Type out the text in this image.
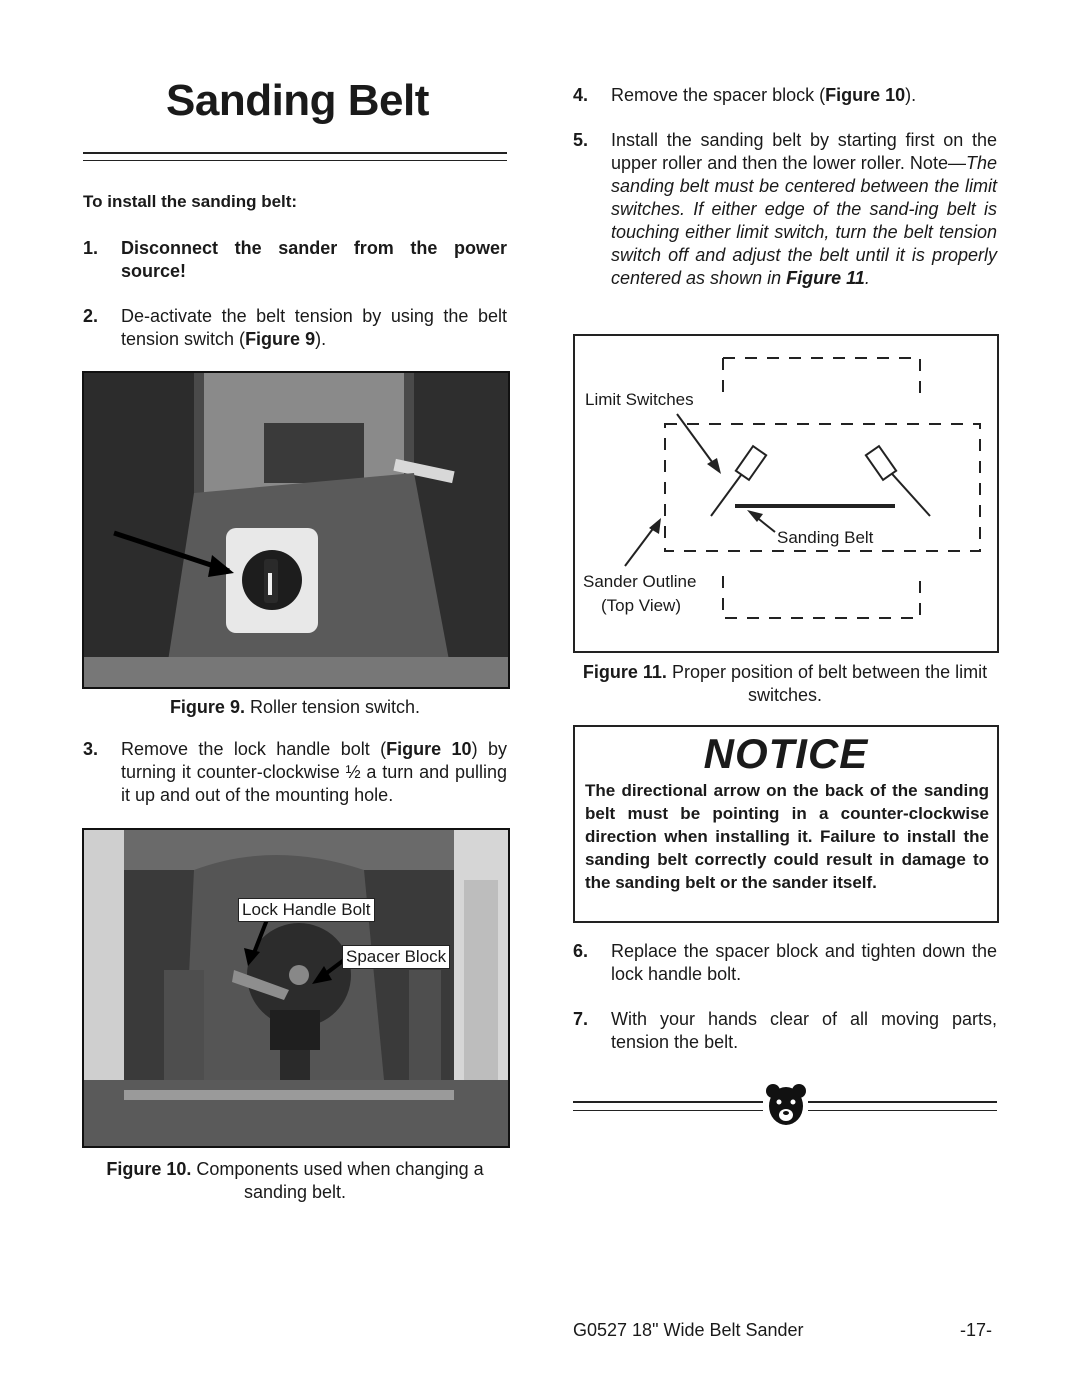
Sanding Belt
To install the sanding belt:
1. Disconnect the sander from the power source!
2. De-activate the belt tension by using the belt tension switch (Figure 9).
Figure 9. Roller tension switch.
3. Remove the lock handle bolt (Figure 10) by turning it counter-clockwise ½ a turn and pulling it up and out of the mounting hole.
Lock Handle Bolt
Spacer Block
Figure 10. Components used when changing a sanding belt.
4. Remove the spacer block (Figure 10).
5. Install the sanding belt by starting first on the upper roller and then the lower roller. Note—The sanding belt must be centered between the limit switches. If either edge of the sand-ing belt is touching either limit switch, turn the belt tension switch off and adjust the belt until it is properly centered as shown in Figure 11.
Limit Switches
Sanding Belt
Sander Outline
(Top View)
Figure 11. Proper position of belt between the limit switches.
NOTICE
The directional arrow on the back of the sanding belt must be pointing in a counter-clockwise direction when installing it. Failure to install the sanding belt correctly could result in damage to the sanding belt or the sander itself.
6. Replace the spacer block and tighten down the lock handle bolt.
7. With your hands clear of all moving parts, tension the belt.
G0527 18" Wide Belt Sander	-17-
